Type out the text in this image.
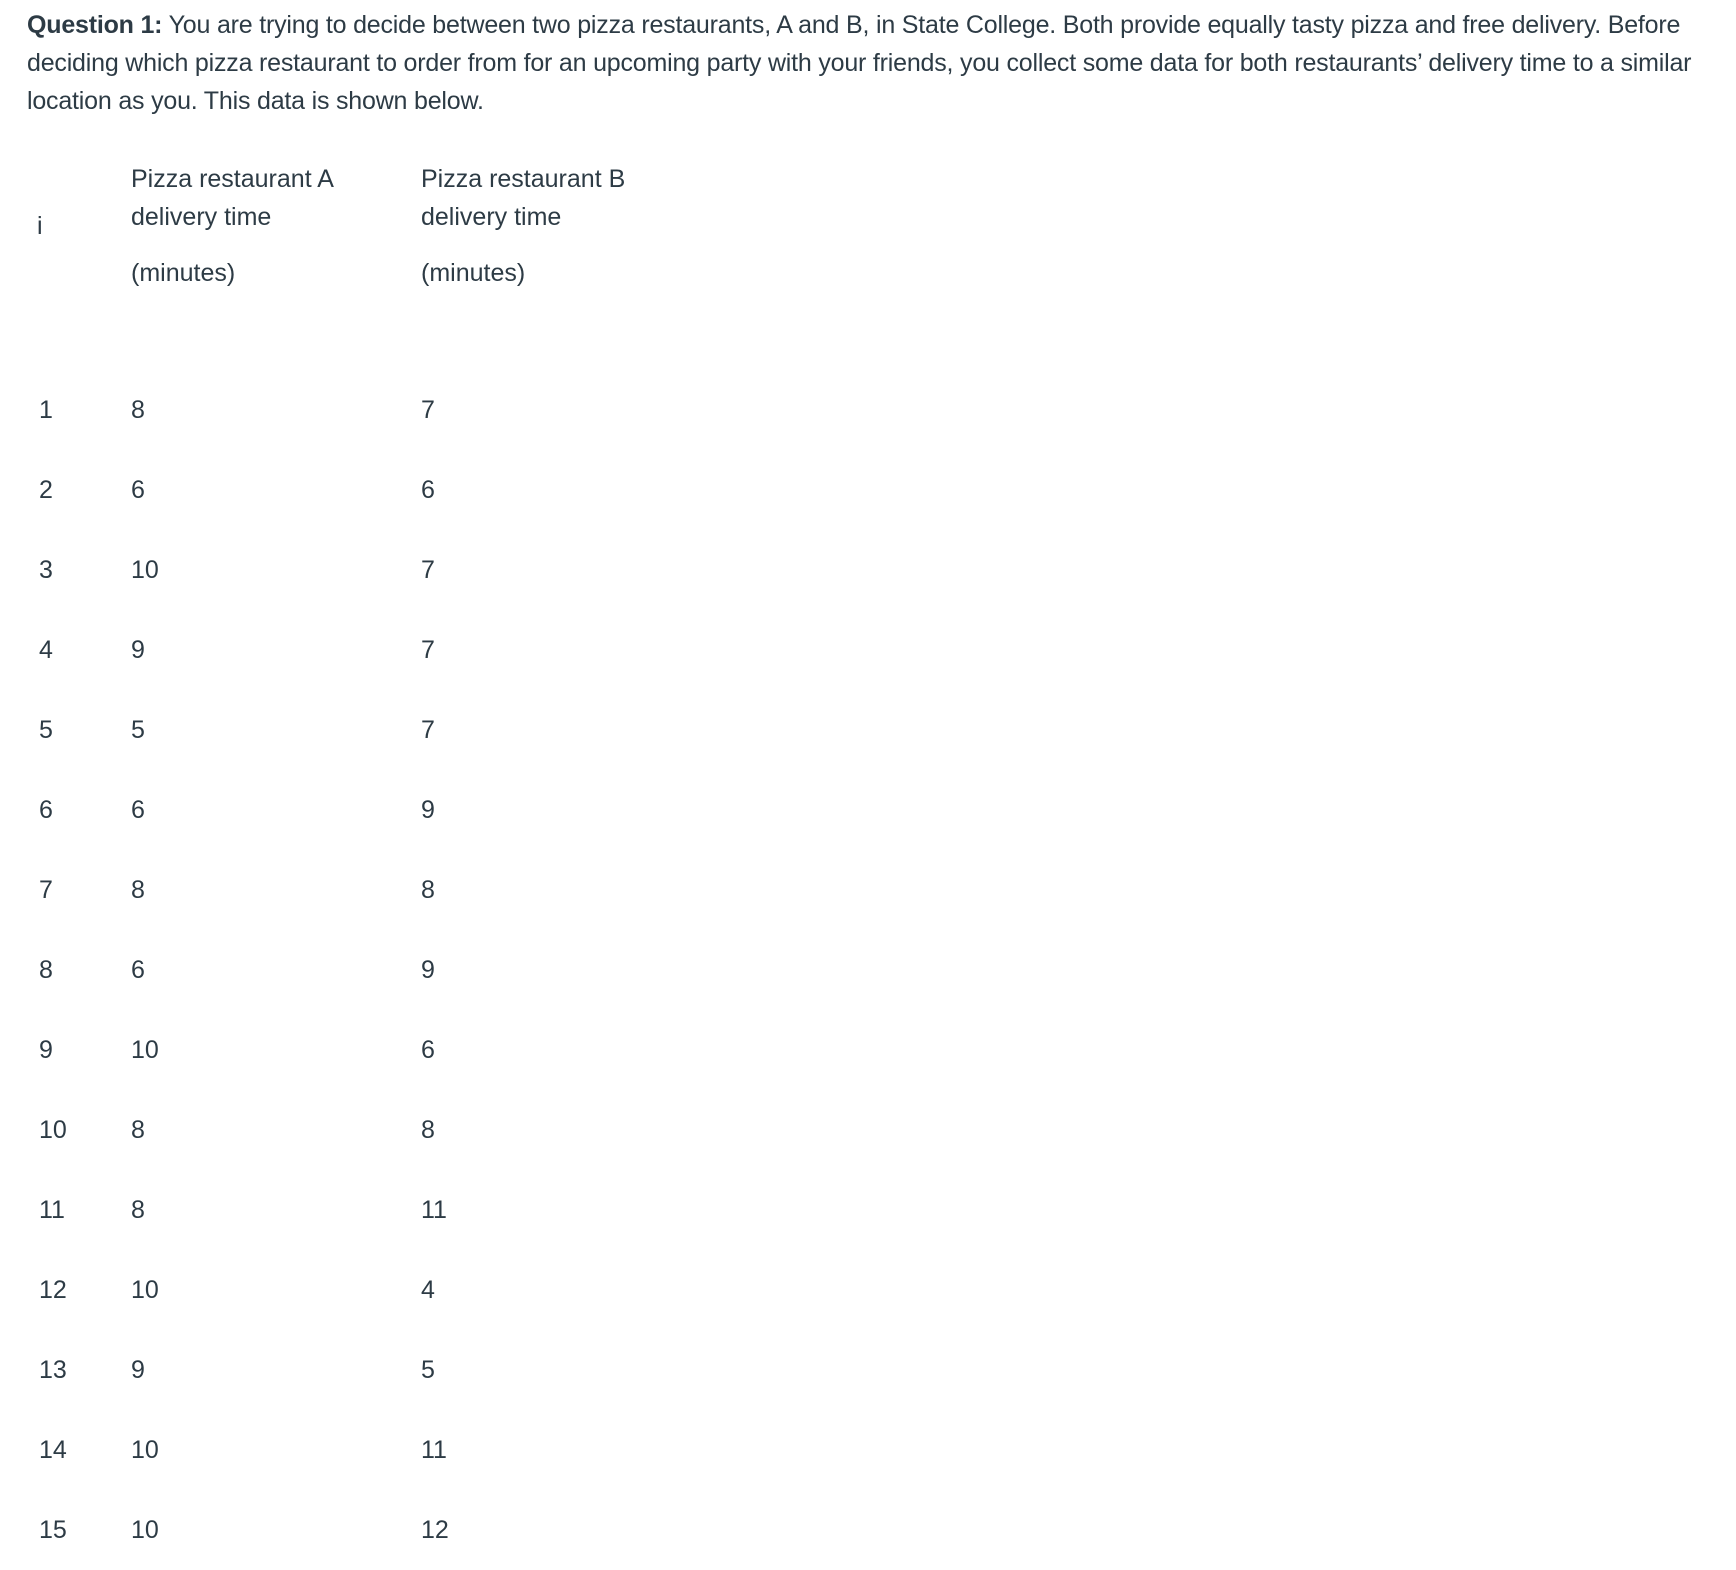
Question 1: You are trying to decide between two pizza restaurants, A and B, in State College. Both provide equally tasty pizza and free delivery. Before deciding which pizza restaurant to order from for an upcoming party with your friends, you collect some data for both restaurants’ delivery time to a similar location as you. This data is shown below.

i	Pizza restaurant A
delivery time
(minutes)	Pizza restaurant B
delivery time
(minutes)

1	8	7
2	6	6
3	10	7
4	9	7
5	5	7
6	6	9
7	8	8
8	6	9
9	10	6
10	8	8
11	8	11
12	10	4
13	9	5
14	10	11
15	10	12
